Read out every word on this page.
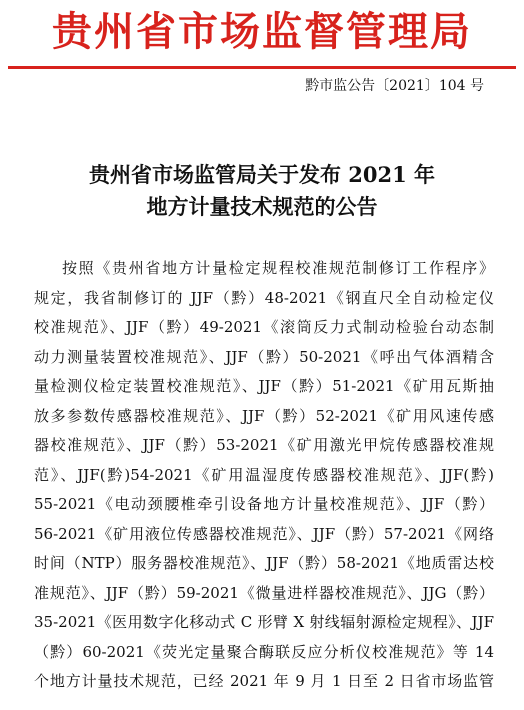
贵州省市场监督管理局
黔市监公告〔2021〕104 号
贵州省市场监管局关于发布 2021 年
地方计量技术规范的公告
按照《贵州省地方计量检定规程校准规范制修订工作程序》
规定，我省制修订的 JJF（黔）48-2021《钢直尺全自动检定仪
校准规范》、JJF（黔）49-2021《滚筒反力式制动检验台动态制
动力测量装置校准规范》、JJF（黔）50-2021《呼出气体酒精含
量检测仪检定装置校准规范》、JJF（黔）51-2021《矿用瓦斯抽
放多参数传感器校准规范》、JJF（黔）52-2021《矿用风速传感
器校准规范》、JJF（黔）53-2021《矿用激光甲烷传感器校准规
范》、JJF(黔)54-2021《矿用温湿度传感器校准规范》、JJF(黔)
55-2021《电动颈腰椎牵引设备地方计量校准规范》、JJF（黔）
56-2021《矿用液位传感器校准规范》、JJF（黔）57-2021《网络
时间（NTP）服务器校准规范》、JJF（黔）58-2021《地质雷达校
准规范》、JJF（黔）59-2021《微量进样器校准规范》、JJG（黔）
35-2021《医用数字化移动式 C 形臂 X 射线辐射源检定规程》、JJF
（黔）60-2021《荧光定量聚合酶联反应分析仪校准规范》等 14
个地方计量技术规范，已经 2021 年 9 月 1 日至 2 日省市场监管
